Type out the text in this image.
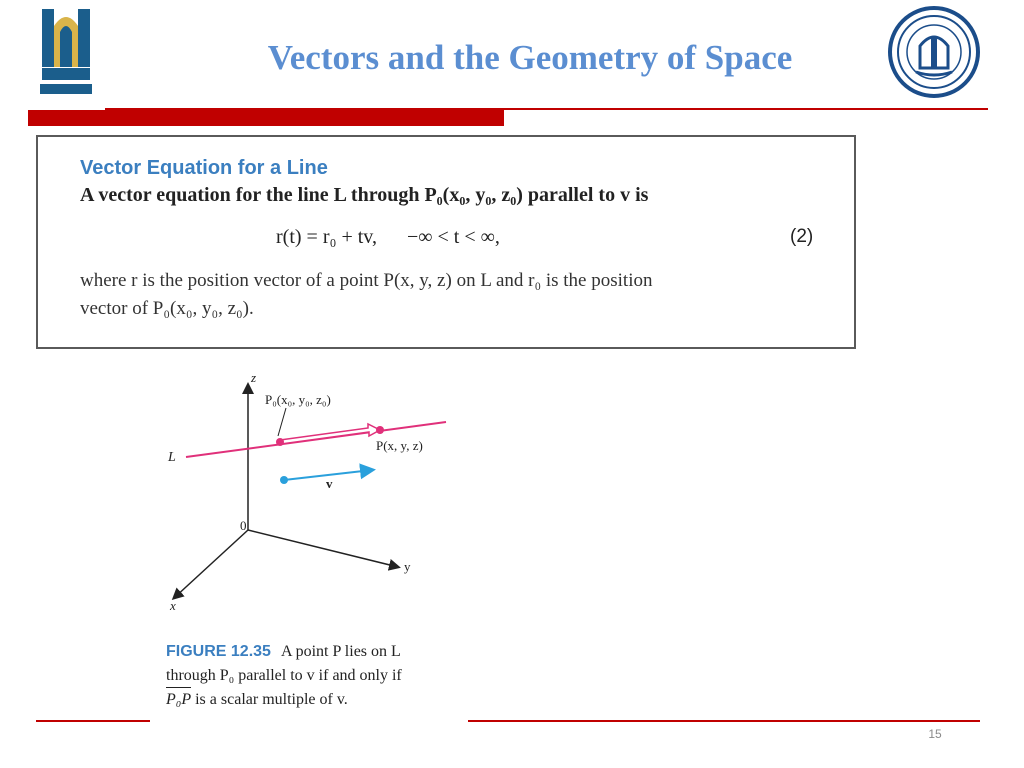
Vectors and the Geometry of Space
Vector Equation for a Line
A vector equation for the line L through P₀(x₀, y₀, z₀) parallel to v is
r(t) = r₀ + tv,      −∞ < t < ∞,	(2)

where r is the position vector of a point P(x, y, z) on L and r₀ is the position

vector of P₀(x₀, y₀, z₀).

z
P₀(x₀, y₀, z₀)
L
P(x, y, z)
v
0
y
x

FIGURE 12.35 A point P lies on L

through P₀ parallel to v if and only if

P₀P is a scalar multiple of v.

15
